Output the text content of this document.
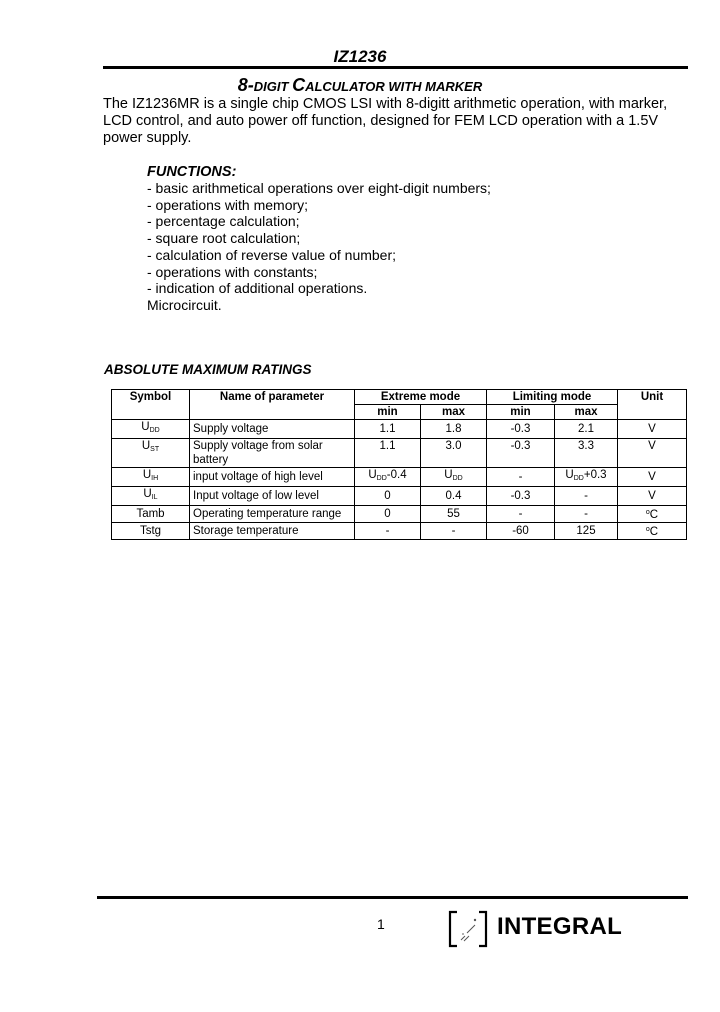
IZ1236
8-DIGIT CALCULATOR WITH MARKER
The IZ1236MR is a single chip CMOS LSI with 8-digitt arithmetic operation, with marker, LCD control, and auto power off function, designed for FEM LCD operation with a 1.5V power supply.
FUNCTIONS:
- basic arithmetical operations over eight-digit numbers;
- operations with memory;
- percentage calculation;
- square root calculation;
- calculation of reverse value of number;
- operations with constants;
- indication of additional operations.
Microcircuit.
ABSOLUTE MAXIMUM RATINGS
Symbol	Name of parameter	Extreme mode		Limiting mode		Unit
		min	max	min	max	
$U_{DD}$	Supply voltage	1.1	1.8	-0.3	2.1	V
$U_{ST}$	Supply voltage from solar battery	1.1	3.0	-0.3	3.3	V
$U_{IH}$	input voltage of high level	$U_{DD}-0.4$	$U_{DD}$	-	$U_{DD}+0.3$	V
$U_{IL}$	Input voltage of low level	0	0.4	-0.3	-	V
Tamb	Operating temperature range	0	55	-	-	$^o$C
Tstg	Storage temperature	-	-	-60	125	$^o$C
1	INTEGRAL
